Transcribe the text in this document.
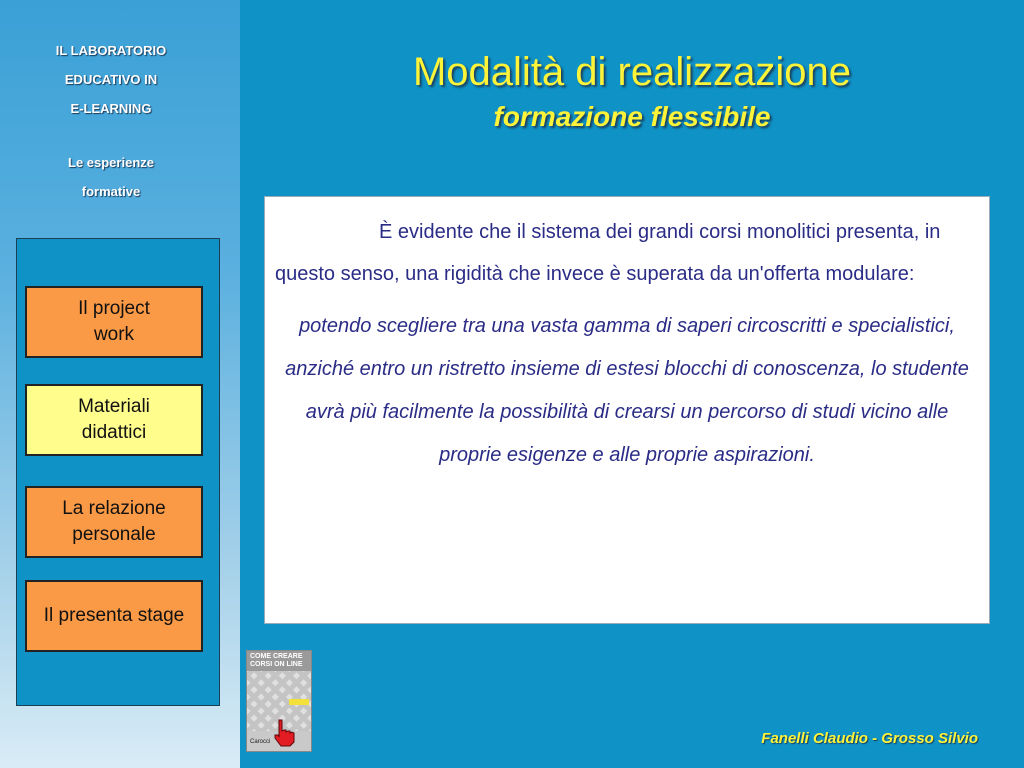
IL LABORATORIO
EDUCATIVO IN
E-LEARNING
Le esperienze
formative
Il project
work
Materiali
didattici
La relazione
personale
Il presenta stage
Modalità di realizzazione
formazione flessibile

È evidente che il sistema dei grandi corsi monolitici presenta, in questo senso, una rigidità che invece è superata da un'offerta modulare:

potendo scegliere tra una vasta gamma di saperi circoscritti e specialistici, anziché entro un ristretto insieme di estesi blocchi di conoscenza, lo studente avrà più facilmente la possibilità di crearsi un percorso di studi vicino alle proprie esigenze e alle proprie aspirazioni.

COME CREARE
CORSI ON LINE
Carocci	Fanelli Claudio - Grosso Silvio
